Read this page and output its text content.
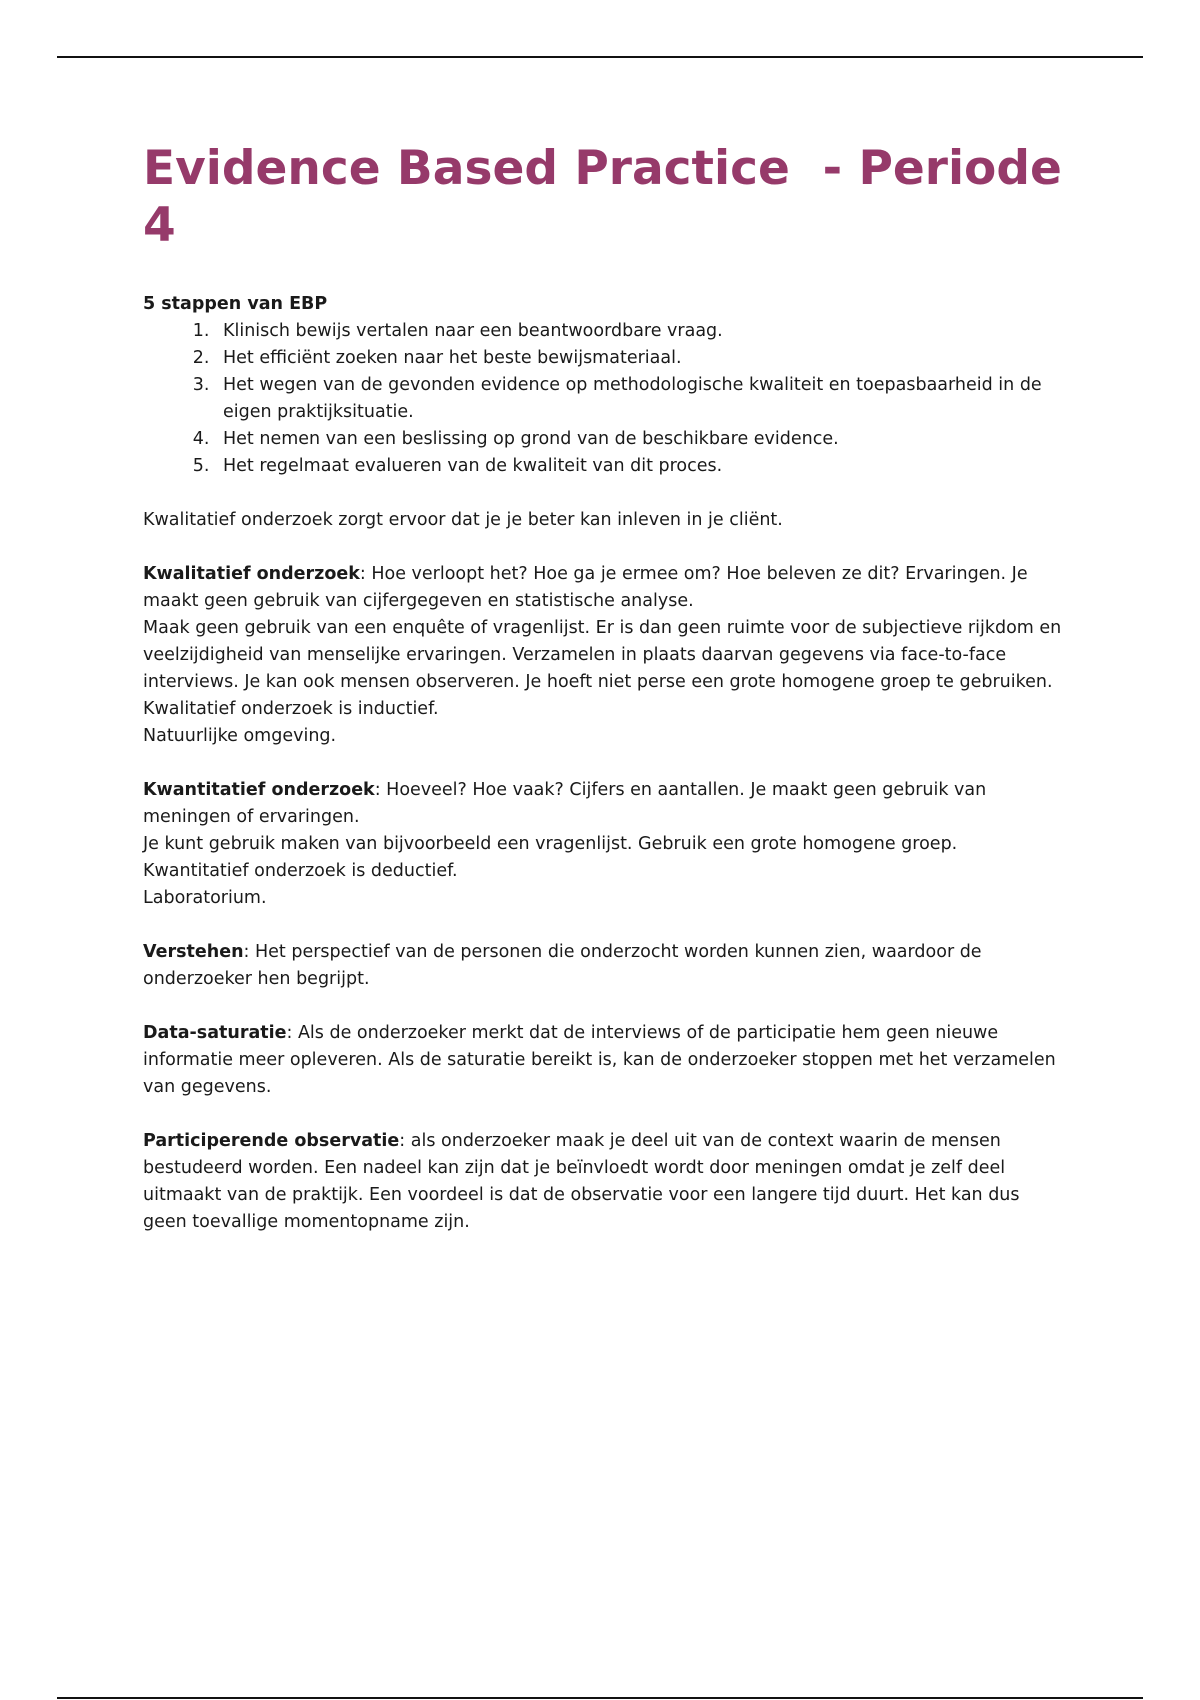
Evidence Based Practice  - Periode 4
5 stappen van EBP
1. Klinisch bewijs vertalen naar een beantwoordbare vraag.
2. Het efficiënt zoeken naar het beste bewijsmateriaal.
3. Het wegen van de gevonden evidence op methodologische kwaliteit en toepasbaarheid in de eigen praktijksituatie.
4. Het nemen van een beslissing op grond van de beschikbare evidence.
5. Het regelmaat evalueren van de kwaliteit van dit proces.

Kwalitatief onderzoek zorgt ervoor dat je je beter kan inleven in je cliënt.

Kwalitatief onderzoek: Hoe verloopt het? Hoe ga je ermee om? Hoe beleven ze dit? Ervaringen. Je maakt geen gebruik van cijfergegeven en statistische analyse.

Maak geen gebruik van een enquête of vragenlijst. Er is dan geen ruimte voor de subjectieve rijkdom en veelzijdigheid van menselijke ervaringen. Verzamelen in plaats daarvan gegevens via face-to-face interviews. Je kan ook mensen observeren. Je hoeft niet perse een grote homogene groep te gebruiken.

Kwalitatief onderzoek is inductief.

Natuurlijke omgeving.

Kwantitatief onderzoek: Hoeveel? Hoe vaak? Cijfers en aantallen. Je maakt geen gebruik van meningen of ervaringen.

Je kunt gebruik maken van bijvoorbeeld een vragenlijst. Gebruik een grote homogene groep.

Kwantitatief onderzoek is deductief.

Laboratorium.

Verstehen: Het perspectief van de personen die onderzocht worden kunnen zien, waardoor de onderzoeker hen begrijpt.

Data-saturatie: Als de onderzoeker merkt dat de interviews of de participatie hem geen nieuwe informatie meer opleveren. Als de saturatie bereikt is, kan de onderzoeker stoppen met het verzamelen van gegevens.

Participerende observatie: als onderzoeker maak je deel uit van de context waarin de mensen bestudeerd worden. Een nadeel kan zijn dat je beïnvloedt wordt door meningen omdat je zelf deel uitmaakt van de praktijk. Een voordeel is dat de observatie voor een langere tijd duurt. Het kan dus geen toevallige momentopname zijn.
